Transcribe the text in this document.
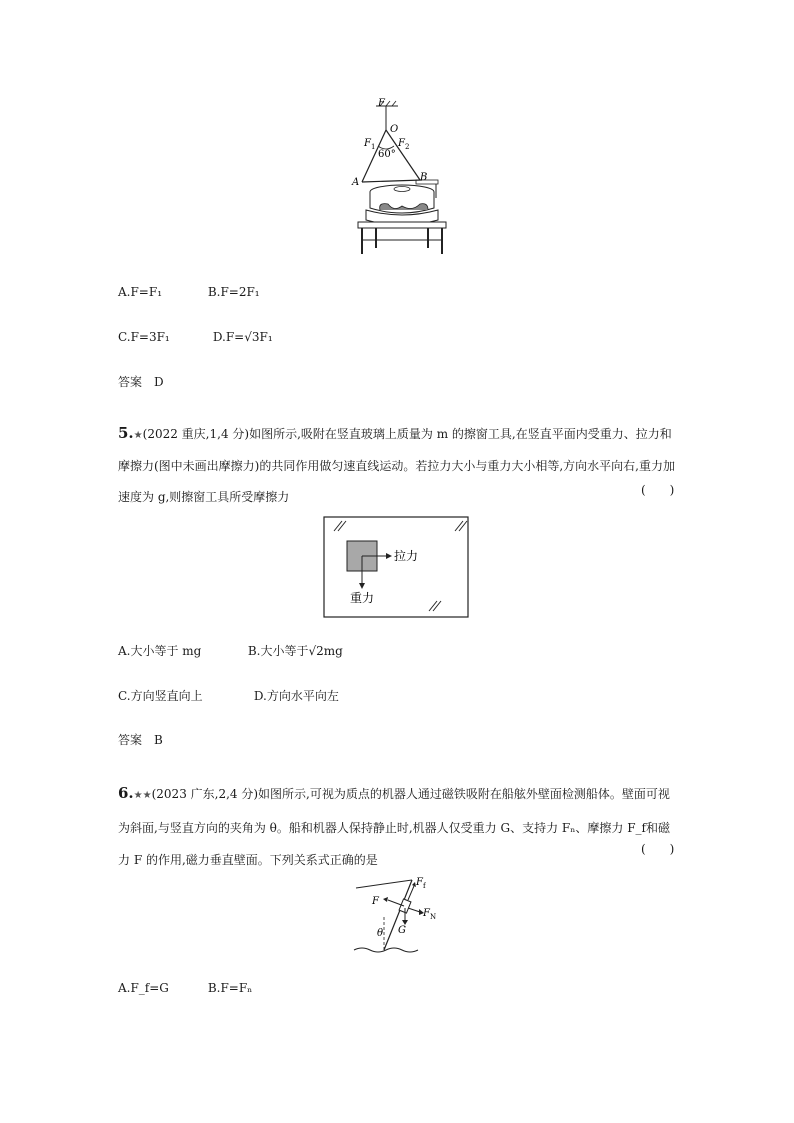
F
O
F 1 F 2
60°
A	B
A.F=F₁	B.F=2F₁
C.F=3F₁	D.F=√3F₁
答案　D
5.★(2022 重庆,1,4 分)如图所示,吸附在竖直玻璃上质量为 m 的擦窗工具,在竖直平面内受重力、拉力和摩擦力(图中未画出摩擦力)的共同作用做匀速直线运动。若拉力大小与重力大小相等,方向水平向右,重力加速度为 g,则擦窗工具所受摩擦力	(　　)
拉力
重力
A.大小等于 mg	B.大小等于√2mg
C.方向竖直向上	D.方向水平向左
答案　B
6.★★(2023 广东,2,4 分)如图所示,可视为质点的机器人通过磁铁吸附在船舷外壁面检测船体。壁面可视为斜面,与竖直方向的夹角为 θ。船和机器人保持静止时,机器人仅受重力 G、支持力 Fₙ、摩擦力 F_f和磁力 F 的作用,磁力垂直壁面。下列关系式正确的是
(　　)
θ
F f
F
F N
G
A.F_f=G	B.F=Fₙ
